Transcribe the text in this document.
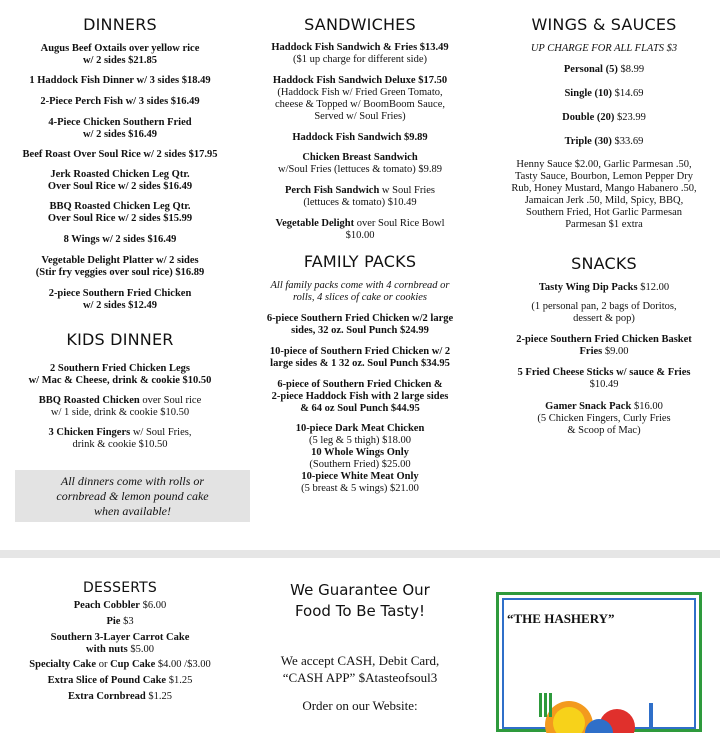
DINNERS

Augus Beef Oxtails over yellow rice
w/ 2 sides $21.85

1 Haddock Fish Dinner w/ 3 sides $18.49

2-Piece Perch Fish w/ 3 sides $16.49

4-Piece Chicken Southern Fried
w/ 2 sides $16.49

Beef Roast Over Soul Rice w/ 2 sides $17.95

Jerk Roasted Chicken Leg Qtr.
Over Soul Rice w/ 2 sides $16.49

BBQ Roasted Chicken Leg Qtr.
Over Soul Rice w/ 2 sides $15.99

8 Wings w/ 2 sides $16.49

Vegetable Delight Platter w/ 2 sides
(Stir fry veggies over soul rice) $16.89

2-piece Southern Fried Chicken
w/ 2 sides $12.49

KIDS DINNER

2 Southern Fried Chicken Legs
w/ Mac & Cheese, drink & cookie $10.50

BBQ Roasted Chicken over Soul rice
w/ 1 side, drink & cookie $10.50

3 Chicken Fingers w/ Soul Fries,
drink & cookie $10.50

All dinners come with rolls or
cornbread & lemon pound cake
when available!
SANDWICHES

Haddock Fish Sandwich & Fries $13.49
($1 up charge for different side)

Haddock Fish Sandwich Deluxe $17.50
(Haddock Fish w/ Fried Green Tomato,
cheese & Topped w/ BoomBoom Sauce,
Served w/ Soul Fries)

Haddock Fish Sandwich $9.89

Chicken Breast Sandwich
w/Soul Fries (lettuces & tomato) $9.89

Perch Fish Sandwich w Soul Fries
(lettuces & tomato) $10.49

Vegetable Delight over Soul Rice Bowl
$10.00

FAMILY PACKS

All family packs come with 4 cornbread or
rolls, 4 slices of cake or cookies

6-piece Southern Fried Chicken w/2 large
sides, 32 oz. Soul Punch $24.99

10-piece of Southern Fried Chicken w/ 2
large sides & 1 32 oz. Soul Punch $34.95

6-piece of Southern Fried Chicken &
2-piece Haddock Fish with 2 large sides
& 64 oz Soul Punch $44.95

10-piece Dark Meat Chicken
(5 leg & 5 thigh) $18.00
10 Whole Wings Only
(Southern Fried) $25.00
10-piece White Meat Only
(5 breast & 5 wings) $21.00

WINGS & SAUCES

UP CHARGE FOR ALL FLATS $3

Personal (5) $8.99

Single (10) $14.69

Double (20) $23.99

Triple (30) $33.69

Henny Sauce $2.00, Garlic Parmesan .50,
Tasty Sauce, Bourbon, Lemon Pepper Dry
Rub, Honey Mustard, Mango Habanero .50,
Jamaican Jerk .50, Mild, Spicy, BBQ,
Southern Fried, Hot Garlic Parmesan
Parmesan $1 extra

SNACKS

Tasty Wing Dip Packs $12.00

(1 personal pan, 2 bags of Doritos,
dessert & pop)

2-piece Southern Fried Chicken Basket
Fries $9.00

5 Fried Cheese Sticks w/ sauce & Fries
$10.49

Gamer Snack Pack $16.00
(5 Chicken Fingers, Curly Fries
& Scoop of Mac)

DESSERTS

Peach Cobbler $6.00

Pie $3

Southern 3-Layer Carrot Cake
with nuts $5.00

Specialty Cake or Cup Cake $4.00 /$3.00

Extra Slice of Pound Cake $1.25

Extra Cornbread $1.25

We Guarantee Our
Food To Be Tasty!

We accept CASH, Debit Card,
“CASH APP” $Atasteofsoul3

Order on our Website:

“THE HASHERY”
